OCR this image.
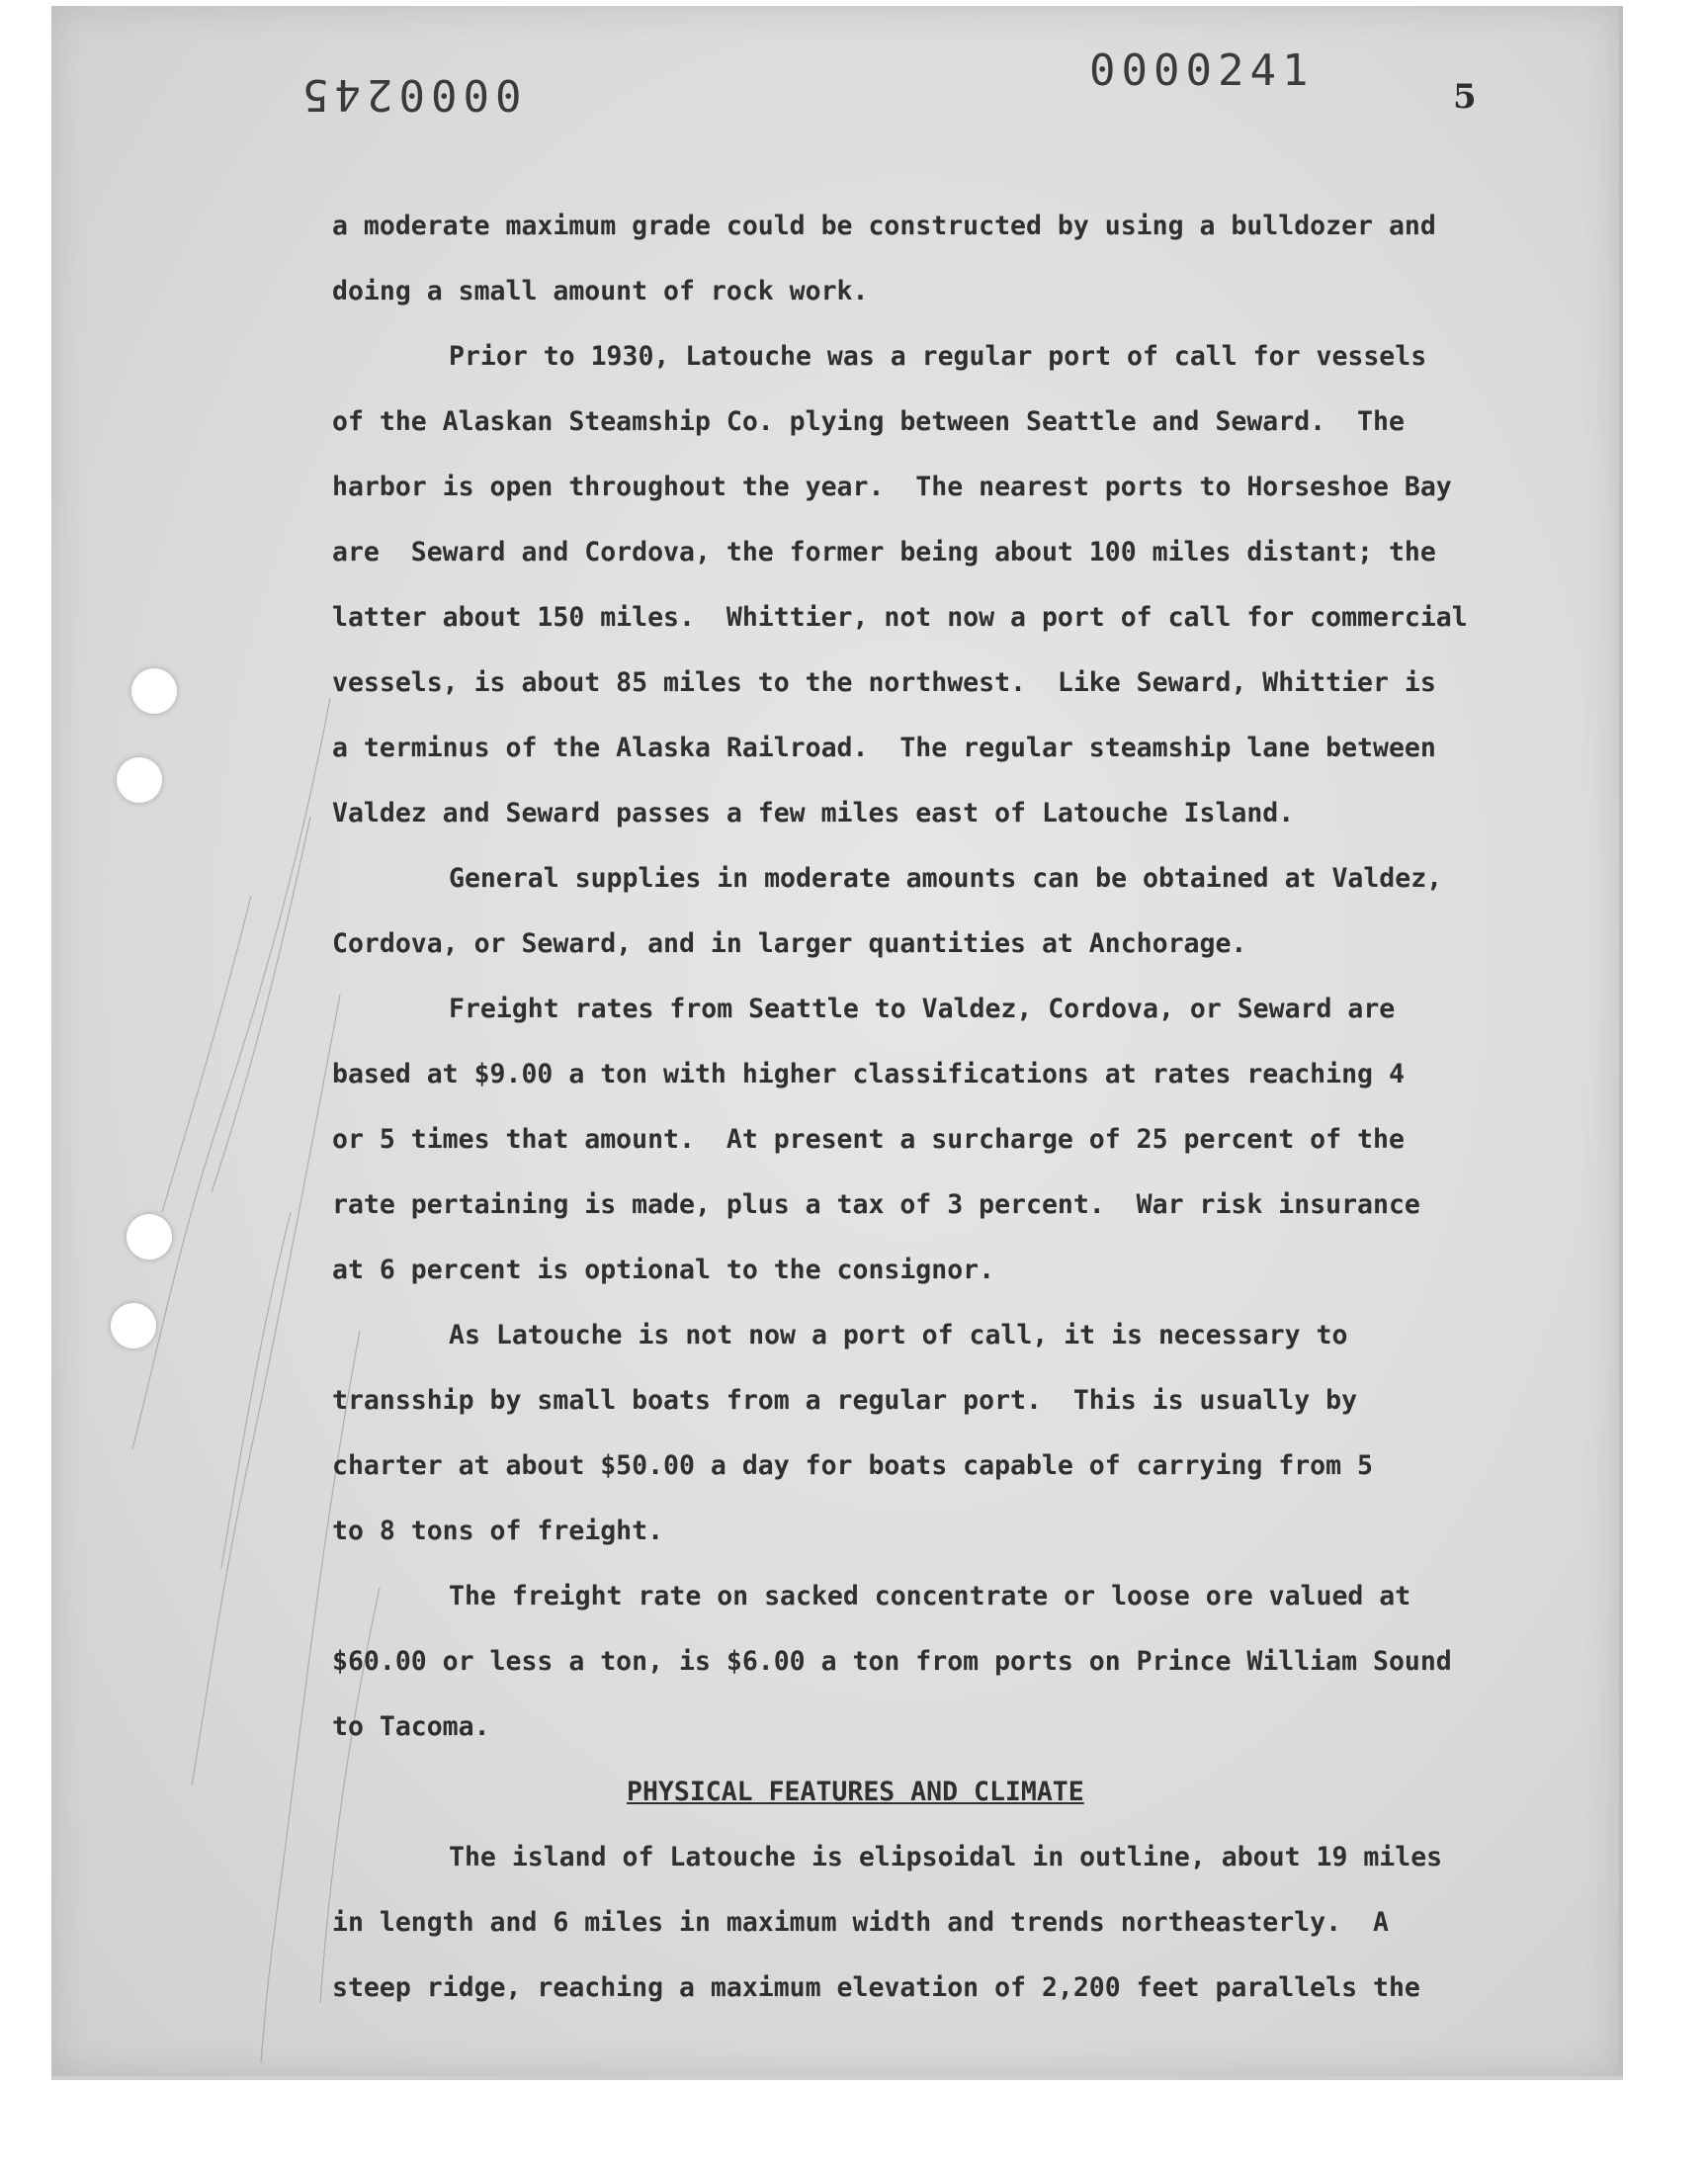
0000245	0000241
5
a moderate maximum grade could be constructed by using a bulldozer and
doing a small amount of rock work.
Prior to 1930, Latouche was a regular port of call for vessels
of the Alaskan Steamship Co. plying between Seattle and Seward.  The
harbor is open throughout the year.  The nearest ports to Horseshoe Bay
are  Seward and Cordova, the former being about 100 miles distant; the
latter about 150 miles.  Whittier, not now a port of call for commercial
vessels, is about 85 miles to the northwest.  Like Seward, Whittier is
a terminus of the Alaska Railroad.  The regular steamship lane between
Valdez and Seward passes a few miles east of Latouche Island.
General supplies in moderate amounts can be obtained at Valdez,
Cordova, or Seward, and in larger quantities at Anchorage.
Freight rates from Seattle to Valdez, Cordova, or Seward are
based at $9.00 a ton with higher classifications at rates reaching 4
or 5 times that amount.  At present a surcharge of 25 percent of the
rate pertaining is made, plus a tax of 3 percent.  War risk insurance
at 6 percent is optional to the consignor.
As Latouche is not now a port of call, it is necessary to
transship by small boats from a regular port.  This is usually by
charter at about $50.00 a day for boats capable of carrying from 5
to 8 tons of freight.
The freight rate on sacked concentrate or loose ore valued at
$60.00 or less a ton, is $6.00 a ton from ports on Prince William Sound
to Tacoma.
PHYSICAL FEATURES AND CLIMATE
The island of Latouche is elipsoidal in outline, about 19 miles
in length and 6 miles in maximum width and trends northeasterly.  A
steep ridge, reaching a maximum elevation of 2,200 feet parallels the
